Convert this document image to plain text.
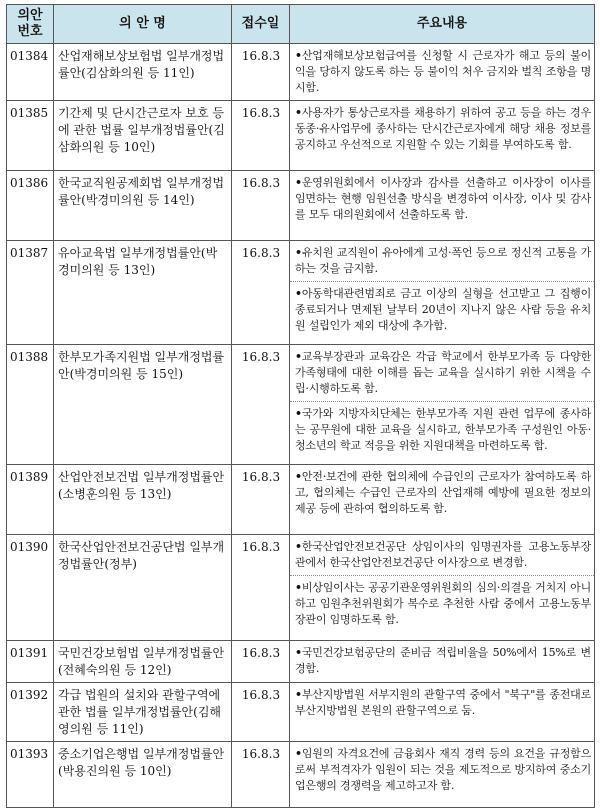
의안
번호	의 안 명	접수일	주요내용
01384	산업재해보상보험법 일부개정법률안(김삼화의원 등 11인)	16.8.3	•산업재해보상보험급여를 신청할 시 근로자가 해고 등의 불이익을 당하지 않도록 하는 등 불이익 처우 금지와 벌칙 조항을 명시함.

01385	기간제 및 단시간근로자 보호 등에 관한 법률 일부개정법률안(김삼화의원 등 10인)	16.8.3	•사용자가 통상근로자를 채용하기 위하여 공고 등을 하는 경우 동종·유사업무에 종사하는 단시간근로자에게 해당 채용 정보를 공지하고 우선적으로 지원할 수 있는 기회를 부여하도록 함.

01386	한국교직원공제회법 일부개정법률안(박경미의원 등 14인)	16.8.3	•운영위원회에서 이사장과 감사를 선출하고 이사장이 이사를 임면하는 현행 임원선출 방식을 변경하여 이사장, 이사 및 감사를 모두 대의원회에서 선출하도록 함.

01387	유아교육법 일부개정법률안(박경미의원 등 13인)	16.8.3	•유치원 교직원이 유아에게 고성·폭언 등으로 정신적 고통을 가하는 것을 금지함.
•아동학대관련범죄로 금고 이상의 실형을 선고받고 그 집행이 종료되거나 면제된 날부터 20년이 지나지 않은 사람 등을 유치원 설립인가 제외 대상에 추가함.

01388	한부모가족지원법 일부개정법률안(박경미의원 등 15인)	16.8.3	•교육부장관과 교육감은 각급 학교에서 한부모가족 등 다양한 가족형태에 대한 이해를 돕는 교육을 실시하기 위한 시책을 수립·시행하도록 함.
•국가와 지방자치단체는 한부모가족 지원 관련 업무에 종사하는 공무원에 대한 교육을 실시하고, 한부모가족 구성원인 아동·청소년의 학교 적응을 위한 지원대책을 마련하도록 함.

01389	산업안전보건법 일부개정법률안(소병훈의원 등 13인)	16.8.3	•안전·보건에 관한 협의체에 수급인의 근로자가 참여하도록 하고, 협의체는 수급인 근로자의 산업재해 예방에 필요한 정보의 제공 등에 관하여 협의하도록 함.

01390	한국산업안전보건공단법 일부개정법률안(정부)	16.8.3	•한국산업안전보건공단 상임이사의 임명권자를 고용노동부장관에서 한국산업안전보건공단 이사장으로 변경함.
•비상임이사는 공공기관운영위원회의 심의·의결을 거치지 아니하고 임원추천위원회가 복수로 추천한 사람 중에서 고용노동부장관이 임명하도록 함.

01391	국민건강보험법 일부개정법률안(전혜숙의원 등 12인)	16.8.3	•국민건강보험공단의 준비금 적립비율을 50%에서 15%로 변경함.

01392	각급 법원의 설치와 관할구역에 관한 법률 일부개정법률안(김해영의원 등 11인)	16.8.3	•부산지방법원 서부지원의 관할구역 중에서 "북구"를 종전대로 부산지방법원 본원의 관할구역으로 둠.

01393	중소기업은행법 일부개정법률안(박용진의원 등 10인)	16.8.3	•임원의 자격요건에 금융회사 재직 경력 등의 요건을 규정함으로써 부적격자가 임원이 되는 것을 제도적으로 방지하여 중소기업은행의 경쟁력을 제고하고자 함.
